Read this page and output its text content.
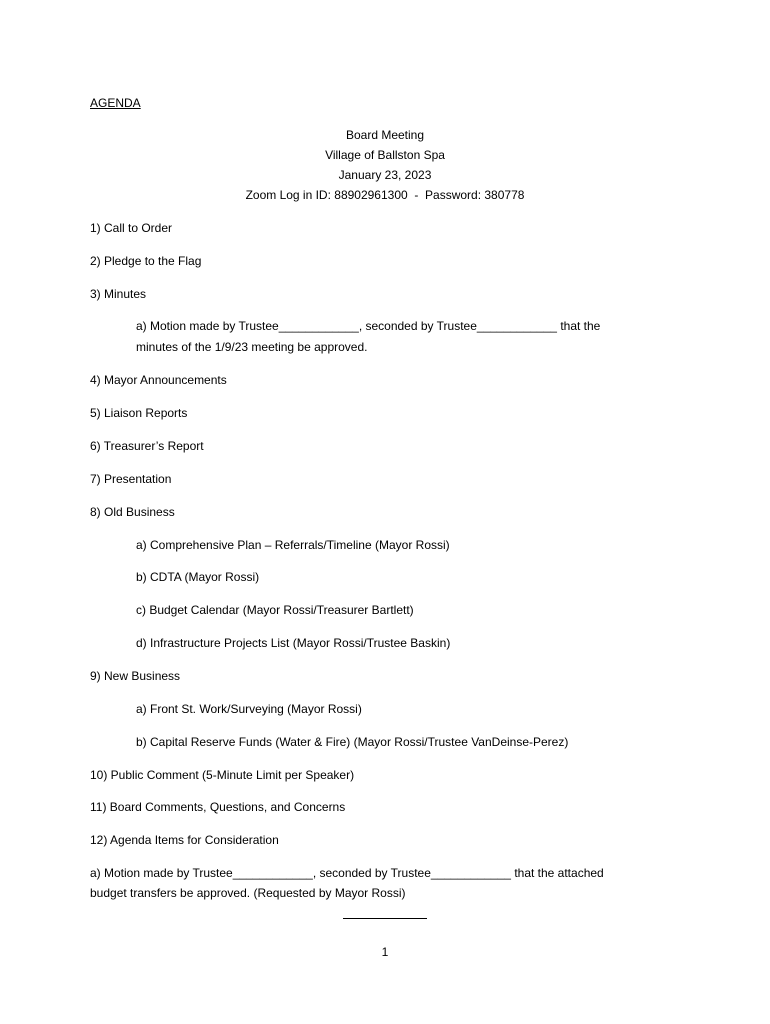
AGENDA
Board Meeting
Village of Ballston Spa
January 23, 2023
Zoom Log in ID: 88902961300  -  Password: 380778
1) Call to Order
2) Pledge to the Flag
3) Minutes
a) Motion made by Trustee____________, seconded by Trustee____________ that the
minutes of the 1/9/23 meeting be approved.
4) Mayor Announcements
5) Liaison Reports
6) Treasurer’s Report
7) Presentation
8) Old Business
a) Comprehensive Plan – Referrals/Timeline (Mayor Rossi)
b) CDTA (Mayor Rossi)
c) Budget Calendar (Mayor Rossi/Treasurer Bartlett)
d) Infrastructure Projects List (Mayor Rossi/Trustee Baskin)
9) New Business
a) Front St. Work/Surveying (Mayor Rossi)
b) Capital Reserve Funds (Water & Fire) (Mayor Rossi/Trustee VanDeinse-Perez)
10) Public Comment (5-Minute Limit per Speaker)
11) Board Comments, Questions, and Concerns
12) Agenda Items for Consideration
a) Motion made by Trustee____________, seconded by Trustee____________ that the attached
budget transfers be approved. (Requested by Mayor Rossi)
1
